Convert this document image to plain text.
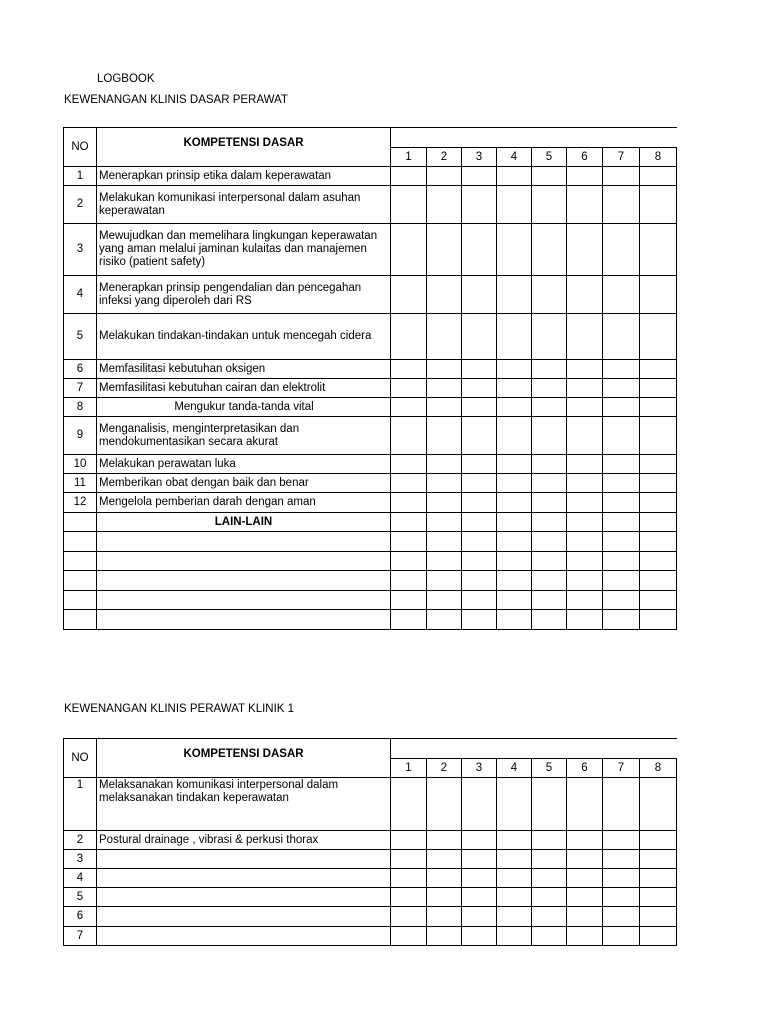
LOGBOOK
KEWENANGAN KLINIS DASAR PERAWAT
NO	KOMPETENSI DASAR								
		1	2	3	4	5	6	7	8
1	Menerapkan prinsip etika dalam keperawatan								
2	Melakukan komunikasi interpersonal dalam asuhan keperawatan								
3	Mewujudkan dan memelihara lingkungan keperawatan yang aman melalui jaminan kulaitas dan manajemen risiko (patient safety)								
4	Menerapkan prinsip pengendalian dan pencegahan infeksi yang diperoleh dari RS								
5	Melakukan tindakan-tindakan untuk mencegah cidera								
6	Memfasilitasi kebutuhan oksigen								
7	Memfasilitasi kebutuhan cairan dan elektrolit								
8	Mengukur tanda-tanda vital								
9	Menganalisis, menginterpretasikan dan mendokumentasikan secara akurat								
10	Melakukan perawatan luka								
11	Memberikan obat dengan baik dan benar								
12	Mengelola pemberian darah dengan aman								
	LAIN-LAIN								

KEWENANGAN KLINIS PERAWAT KLINIK 1
NO	KOMPETENSI DASAR								
		1	2	3	4	5	6	7	8
1	Melaksanakan komunikasi interpersonal dalam melaksanakan tindakan keperawatan								
2	Postural drainage , vibrasi & perkusi thorax								
3									
4									
5									
6									
7									
